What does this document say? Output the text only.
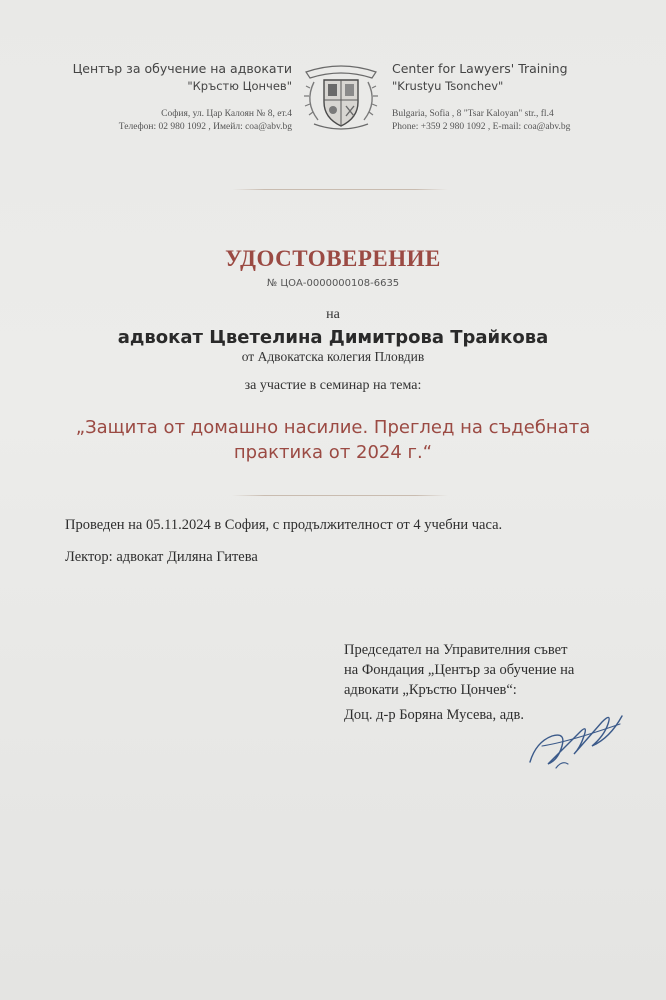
Център за обучение на адвокати
"Кръстю Цончев"
София, ул. Цар Калоян № 8, ет.4
Телефон: 02 980 1092 , Имейл: coa@abv.bg
Center for Lawyers' Training
"Krustyu Tsonchev"
Bulgaria, Sofia , 8 "Tsar Kaloyan" str., fl.4
Phone: +359 2 980 1092 , E-mail: coa@abv.bg
УДОСТОВЕРЕНИЕ
№ ЦОА-0000000108-6635
на
адвокат Цветелина Димитрова Трайкова
от Адвокатска колегия Пловдив
за участие в семинар на тема:
„Защита от домашно насилие. Преглед на съдебната
практика от 2024 г.“
Проведен на 05.11.2024 в София, с продължителност от 4 учебни часа.
Лектор: адвокат Диляна Гитева
Председател на Управителния съвет
на Фондация „Център за обучение на
адвокати „Кръстю Цончев“:
Доц. д-р Боряна Мусева, адв.
